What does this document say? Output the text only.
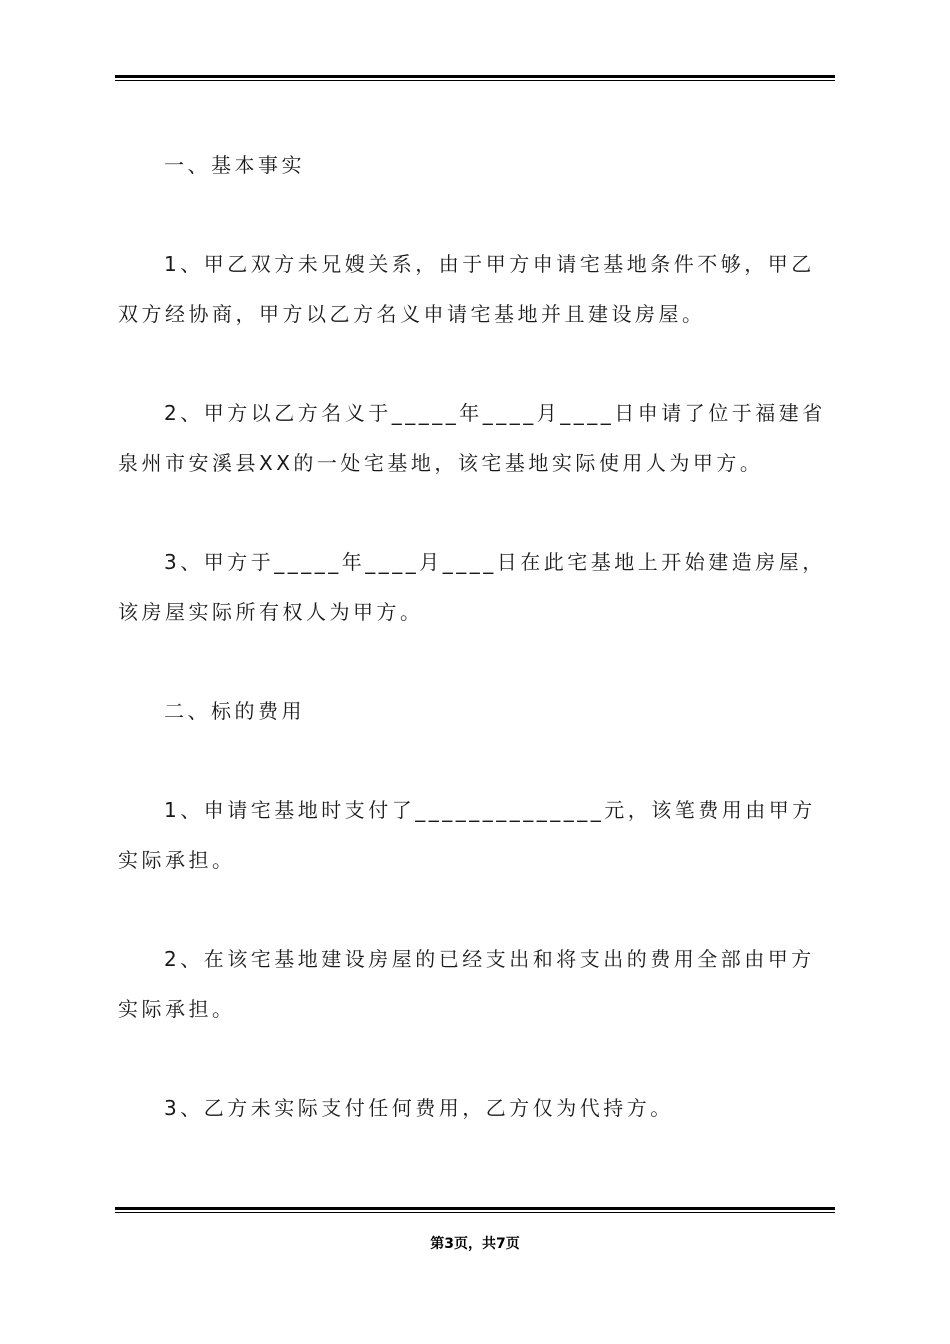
一、基本事实

1、甲乙双方未兄嫂关系，由于甲方申请宅基地条件不够，甲乙双方经协商，甲方以乙方名义申请宅基地并且建设房屋。

2、甲方以乙方名义于_____年____月____日申请了位于福建省泉州市安溪县XX的一处宅基地，该宅基地实际使用人为甲方。

3、甲方于_____年____月____日在此宅基地上开始建造房屋，该房屋实际所有权人为甲方。

二、标的费用

1、申请宅基地时支付了______________元，该笔费用由甲方实际承担。

2、在该宅基地建设房屋的已经支出和将支出的费用全部由甲方实际承担。

3、乙方未实际支付任何费用，乙方仅为代持方。

第3页，共7页
